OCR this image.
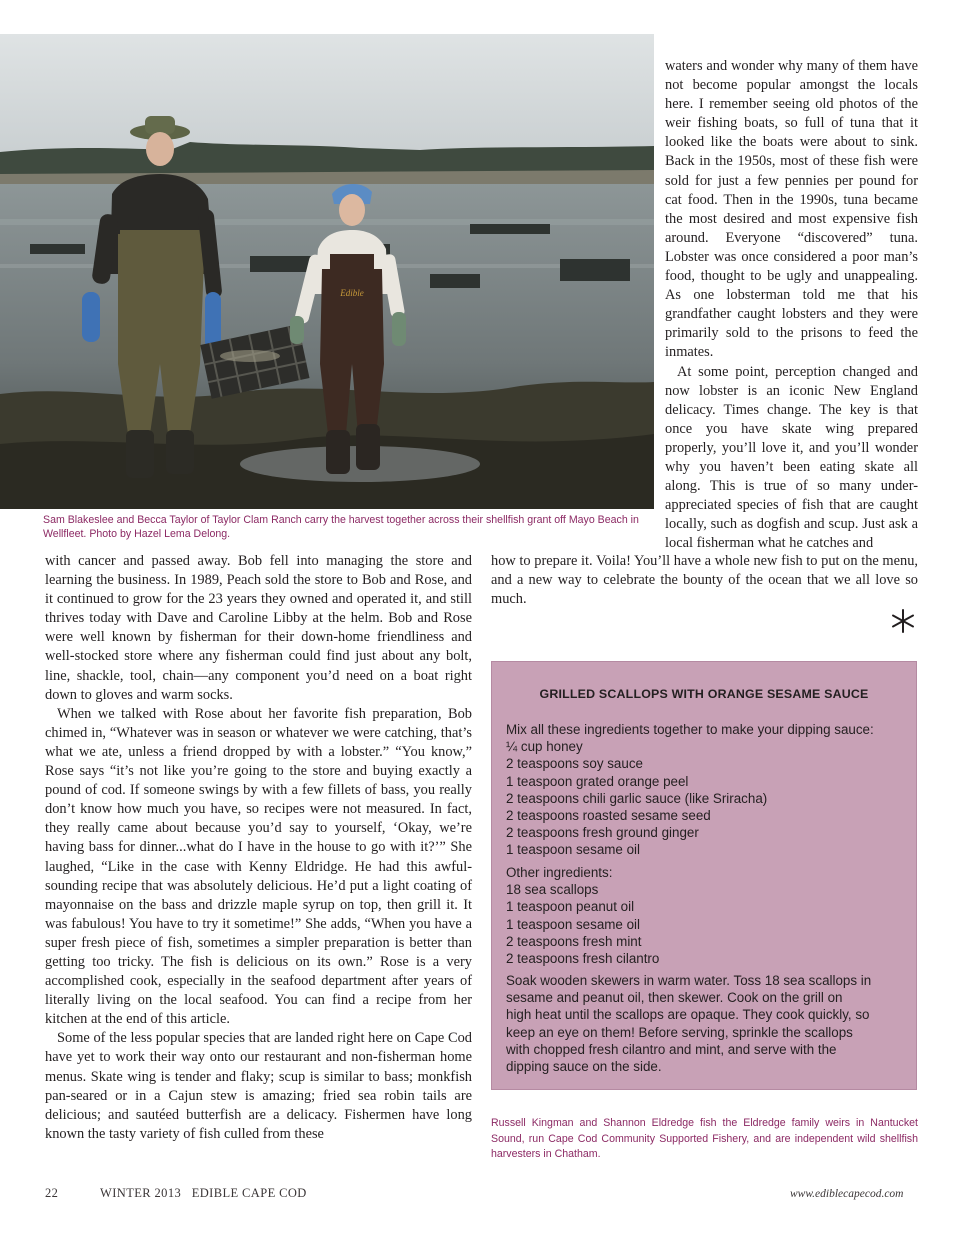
Edible
Sam Blakeslee and Becca Taylor of Taylor Clam Ranch carry the harvest together across their shellfish grant off Mayo Beach in Wellfleet. Photo by Hazel Lema Delong.

waters and wonder why many of them have not become popular amongst the locals here. I remember seeing old photos of the weir fishing boats, so full of tuna that it looked like the boats were about to sink. Back in the 1950s, most of these fish were sold for just a few pennies per pound for cat food. Then in the 1990s, tuna became the most desired and most expensive fish around. Everyone “discovered” tuna. Lobster was once considered a poor man’s food, thought to be ugly and unappealing. As one lobsterman told me that his grandfather caught lobsters and they were primarily sold to the prisons to feed the inmates.

At some point, perception changed and now lobster is an iconic New England delicacy. Times change. The key is that once you have skate wing prepared properly, you’ll love it, and you’ll wonder why you haven’t been eating skate all along. This is true of so many under-appreciated species of fish that are caught locally, such as dogfish and scup. Just ask a local fisherman what he catches and

with cancer and passed away. Bob fell into managing the store and learning the business. In 1989, Peach sold the store to Bob and Rose, and it continued to grow for the 23 years they owned and operated it, and still thrives today with Dave and Caroline Libby at the helm. Bob and Rose were well known by fisherman for their down-home friendliness and well-stocked store where any fisherman could find just about any bolt, line, shackle, tool, chain—any component you’d need on a boat right down to gloves and warm socks.

When we talked with Rose about her favorite fish preparation, Bob chimed in, “Whatever was in season or whatever we were catching, that’s what we ate, unless a friend dropped by with a lobster.” “You know,” Rose says “it’s not like you’re going to the store and buying exactly a pound of cod. If someone swings by with a few fillets of bass, you really don’t know how much you have, so recipes were not measured. In fact, they really came about because you’d say to yourself, ‘Okay, we’re having bass for dinner...what do I have in the house to go with it?’” She laughed, “Like in the case with Kenny Eldridge. He had this awful-sounding recipe that was absolutely delicious. He’d put a light coating of mayonnaise on the bass and drizzle maple syrup on top, then grill it. It was fabulous! You have to try it sometime!” She adds, “When you have a super fresh piece of fish, sometimes a simpler preparation is better than getting too tricky. The fish is delicious on its own.” Rose is a very accomplished cook, especially in the seafood department after years of literally living on the local seafood. You can find a recipe from her kitchen at the end of this article.

Some of the less popular species that are landed right here on Cape Cod have yet to work their way onto our restaurant and non-fisherman home menus. Skate wing is tender and flaky; scup is similar to bass; monkfish pan-seared or in a Cajun stew is amazing; fried sea robin tails are delicious; and sautéed butterfish are a delicacy. Fishermen have long known the tasty variety of fish culled from these

how to prepare it. Voila! You’ll have a whole new fish to put on the menu, and a new way to celebrate the bounty of the ocean that we all love so much.

GRILLED SCALLOPS WITH ORANGE SESAME SAUCE
Mix all these ingredients together to make your dipping sauce:
¼ cup honey
2 teaspoons soy sauce
1 teaspoon grated orange peel
2 teaspoons chili garlic sauce (like Sriracha)
2 teaspoons roasted sesame seed
2 teaspoons fresh ground ginger
1 teaspoon sesame oil
Other ingredients:
18 sea scallops
1 teaspoon peanut oil
1 teaspoon sesame oil
2 teaspoons fresh mint
2 teaspoons fresh cilantro
Soak wooden skewers in warm water. Toss 18 sea scallops in
sesame and peanut oil, then skewer. Cook on the grill on
high heat until the scallops are opaque. They cook quickly, so
keep an eye on them! Before serving, sprinkle the scallops
with chopped fresh cilantro and mint, and serve with the
dipping sauce on the side.
Russell Kingman and Shannon Eldredge fish the Eldredge family weirs in Nantucket Sound, run Cape Cod Community Supported Fishery, and are independent wild shellfish harvesters in Chatham.
22	WINTER 2013   EDIBLE CAPE COD	www.ediblecapecod.com
